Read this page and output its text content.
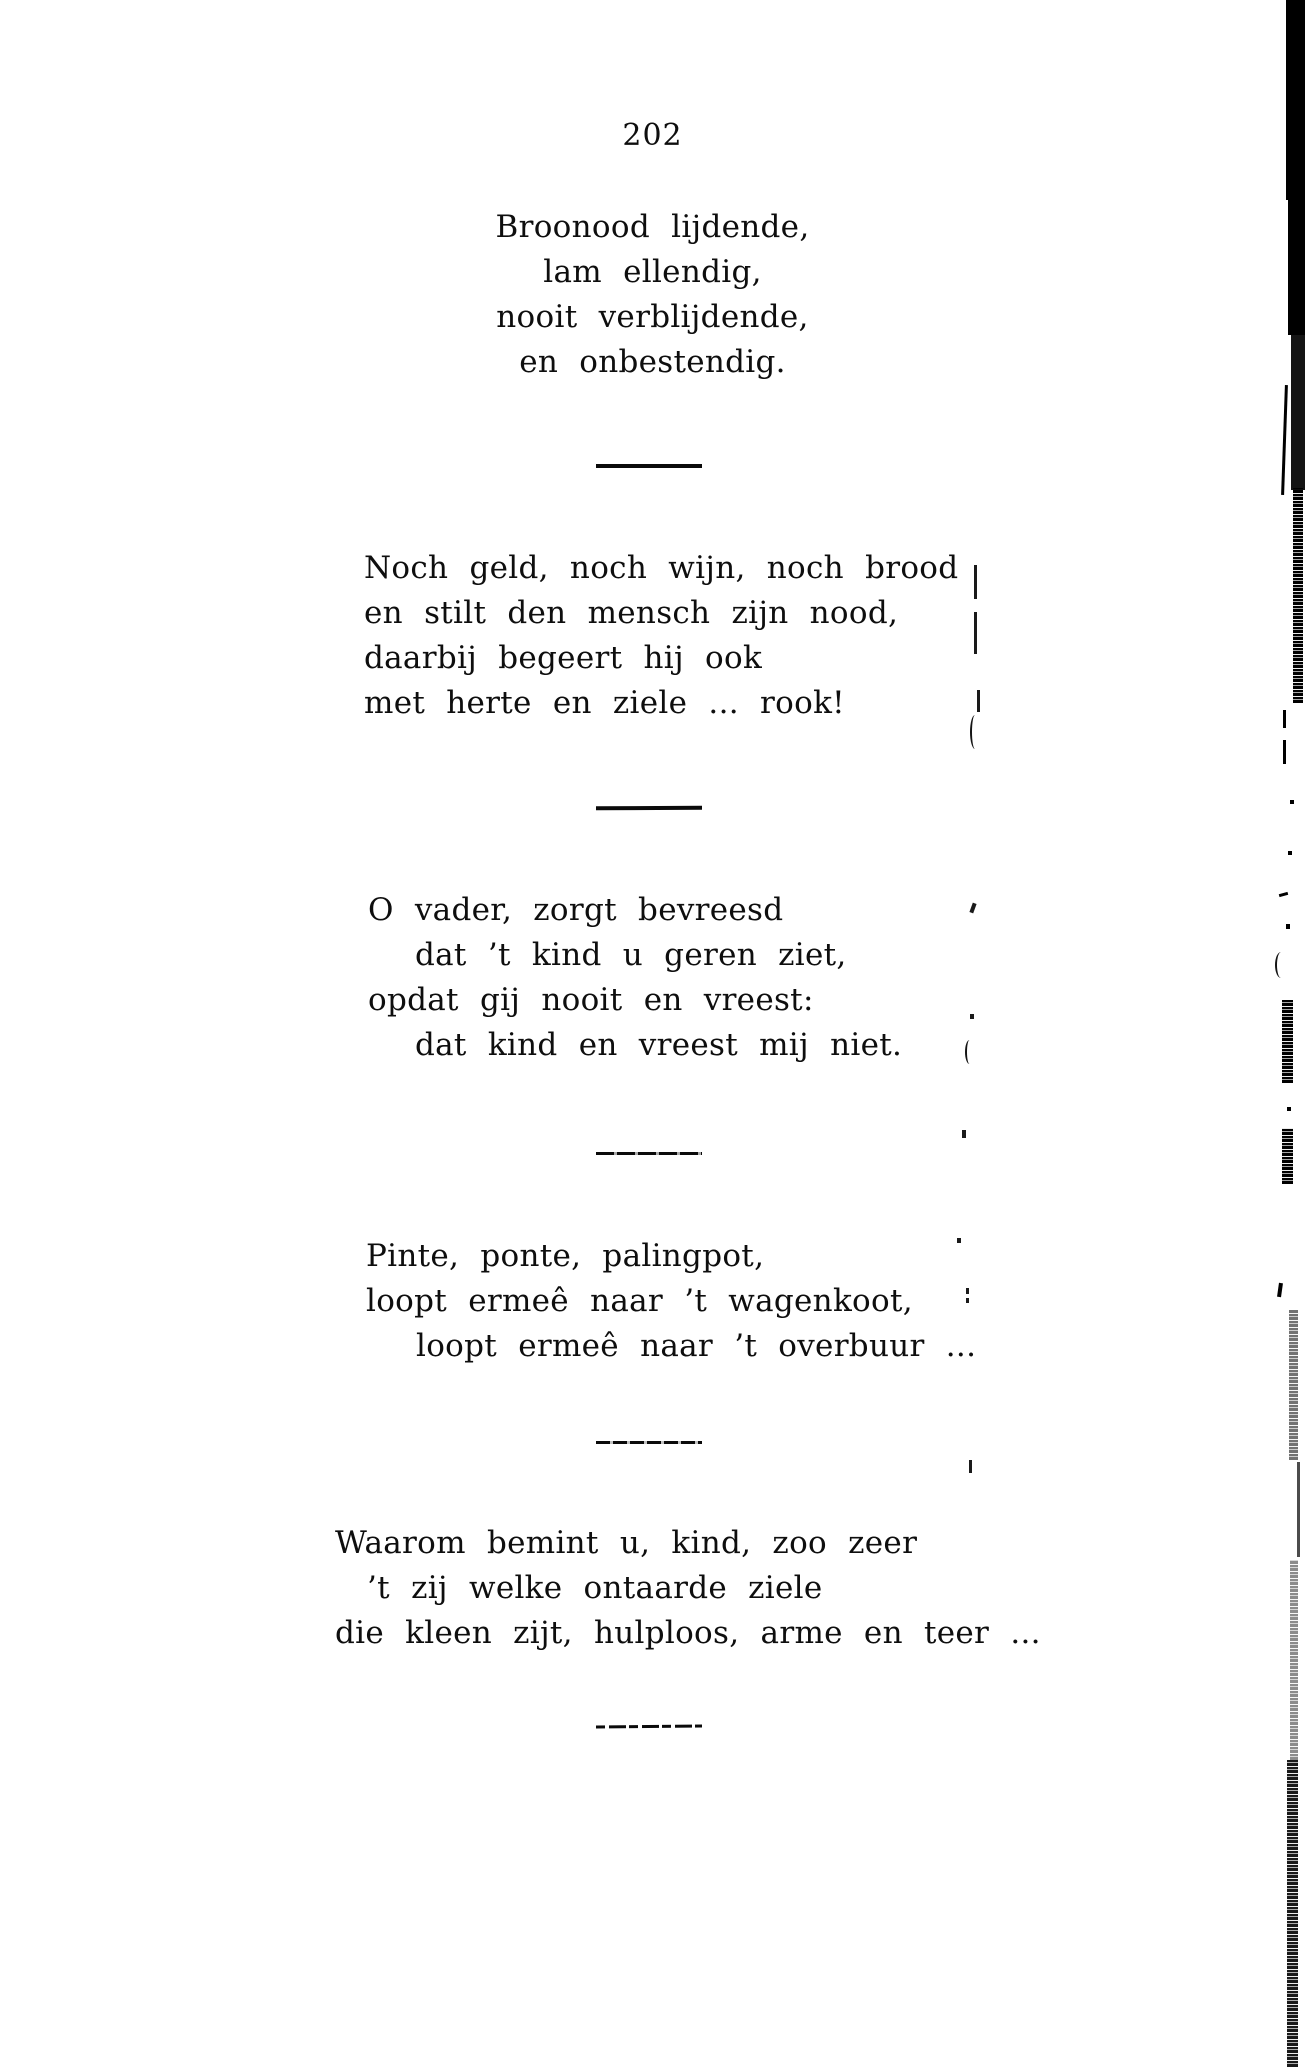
202
Broonood lijdende,
lam ellendig,
nooit verblijdende,
en onbestendig.
Noch geld, noch wijn, noch brood
en stilt den mensch zijn nood,
daarbij begeert hij ook
met herte en ziele ... rook!
O vader, zorgt bevreesd
dat ’t kind u geren ziet,
opdat gij nooit en vreest:
dat kind en vreest mij niet.
Pinte, ponte, palingpot,
loopt ermeê naar ’t wagenkoot,
loopt ermeê naar ’t overbuur ...
Waarom bemint u, kind, zoo zeer
’t zij welke ontaarde ziele
die kleen zijt, hulploos, arme en teer ...
